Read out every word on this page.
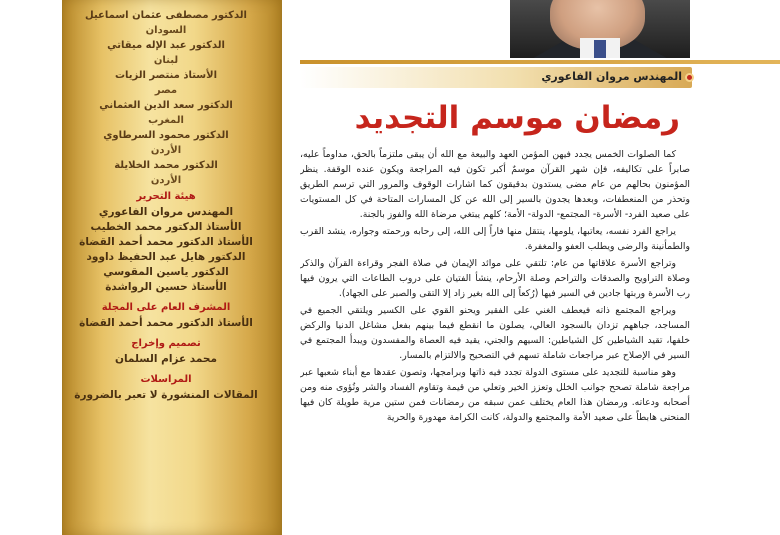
الدكتور مصطفى عثمان اسماعيل
السودان
الدكتور عبد الإله ميقاتي
لبنان
الأستاذ منتصر الزيات
مصر
الدكتور سعد الدين العثماني
المغرب
الدكتور محمود السرطاوي
الأردن
الدكتور محمد الخلايلة
الأردن
هيئة التحرير
المهندس مروان الفاعوري
الأستاذ الدكتور محمد الخطيب
الأستاذ الدكتور محمد أحمد القضاة
الدكتور هايل عبد الحفيظ داوود
الدكتور ياسين المقوسي
الأستاذ حسين الرواشدة
المشرف العام على المجلة
الأستاذ الدكتور محمد أحمد القضاة
تصميم وإخراج
محمد عزام السلمان
المراسلات
المقالات المنشورة لا تعبر بالضرورة
المهندس مروان الفاعوري
رمضان موسم التجديد

كما الصلوات الخمس يجدد فيهن المؤمن العهد والبيعة مع الله أن يبقى ملتزماً بالحق، مداوماً عليه، صابراً على تكاليفه، فإن شهر القرآن موسمٌ أكبر تكون فيه المراجعة ويكون عنده الوقفة. ينظر المؤمنون بحالهم من عام مضى يستدون بدقيقون كما اشارات الوقوف والمرور التي ترسم الطريق وتحذر من المنعطفات، وبعدها يجدون بالسير إلى الله عن كل المسارات المتاحة في كل المستويات على صعيد الفرد- الأسرة- المجتمع- الدولة- الأمة؛ كلهم يبتغي مرضاة الله والفوز بالجنة.

يراجع الفرد نفسه، يعاتبها، يلومها، ينتقل منها فاراً إلى الله، إلى رحابه ورحمته وجواره، ينشد القرب والطمأنينة والرضى ويطلب العفو والمغفرة.

وتراجع الأسرة علاقاتها من عام: تلتقي على موائد الإيمان في صلاة الفجر وقراءة القرآن والذكر وصلاة التراويح والصدقات والتراحم وصلة الأرحام، ينشأ الفتيان على دروب الطاعات التي يرون فيها رب الأسرة وربتها جادين في السير فيها (رُكعاً إلى الله بغير زاد إلا التقى والصبر على الجهاد).

ويراجع المجتمع ذاته فيعطف الغني على الفقير ويحنو القوي على الكسير ويلتقي الجميع في المساجد، جباههم تزدان بالسجود العالي، يصلون ما انقطع فيما بينهم بفعل مشاغل الدنيا والركض خلفها، تقيد الشياطين كل الشياطين: السيهم والجني، يقيد فيه العصاة والمفسدون ويبدأ المجتمع في السير في الإصلاح عبر مراجعات شاملة تسهم في التصحيح والالتزام بالمسار.

وهو مناسبة للتجديد على مستوى الدولة تجدد فيه ذاتها وبرامجها، وتصون عقدها مع أبناء شعبها عبر مراجعة شاملة تصحح جوانب الخلل وتعزز الخير وتعلي من قيمة وتقاوم الفساد والشر وتُؤوى منه ومن أصحابه ودعاته. ورمضان هذا العام يختلف عمن سبقه من رمضانات فمن ستين مرية طويلة كان فيها المنحنى هابطاً على صعيد الأمة والمجتمع والدولة، كانت الكرامة مهدورة والحرية
